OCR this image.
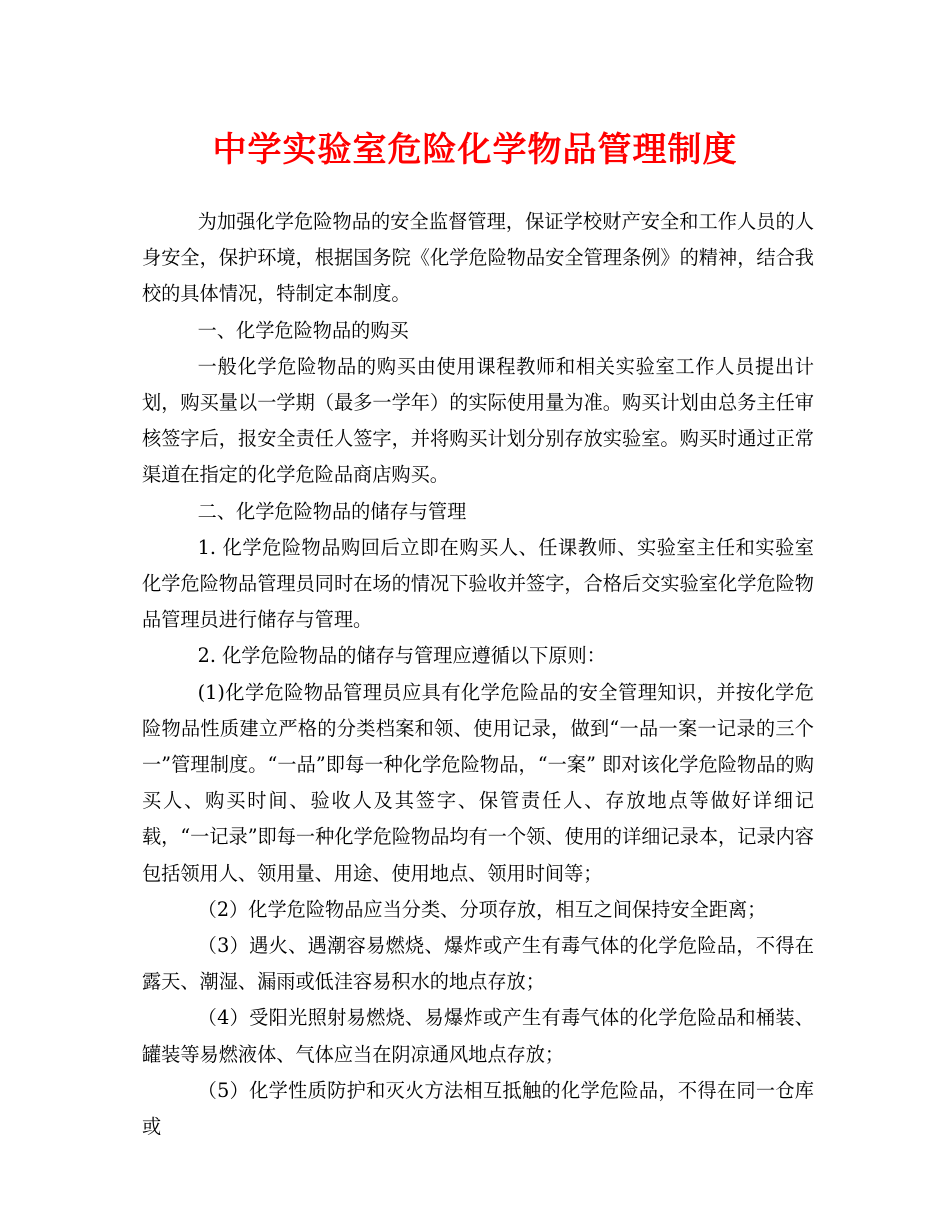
中学实验室危险化学物品管理制度

为加强化学危险物品的安全监督管理，保证学校财产安全和工作人员的人身安全，保护环境，根据国务院《化学危险物品安全管理条例》的精神，结合我校的具体情况，特制定本制度。

一、化学危险物品的购买

一般化学危险物品的购买由使用课程教师和相关实验室工作人员提出计划，购买量以一学期（最多一学年）的实际使用量为准。购买计划由总务主任审核签字后，报安全责任人签字，并将购买计划分别存放实验室。购买时通过正常渠道在指定的化学危险品商店购买。

二、化学危险物品的储存与管理

1. 化学危险物品购回后立即在购买人、任课教师、实验室主任和实验室化学危险物品管理员同时在场的情况下验收并签字，合格后交实验室化学危险物品管理员进行储存与管理。

2. 化学危险物品的储存与管理应遵循以下原则：

(1)化学危险物品管理员应具有化学危险品的安全管理知识，并按化学危险物品性质建立严格的分类档案和领、使用记录，做到“一品一案一记录的三个一”管理制度。“一品”即每一种化学危险物品，“一案” 即对该化学危险物品的购买人、购买时间、验收人及其签字、保管责任人、存放地点等做好详细记载，“一记录”即每一种化学危险物品均有一个领、使用的详细记录本，记录内容包括领用人、领用量、用途、使用地点、领用时间等；

（2）化学危险物品应当分类、分项存放，相互之间保持安全距离；

（3）遇火、遇潮容易燃烧、爆炸或产生有毒气体的化学危险品，不得在露天、潮湿、漏雨或低洼容易积水的地点存放；

（4）受阳光照射易燃烧、易爆炸或产生有毒气体的化学危险品和桶装、罐装等易燃液体、气体应当在阴凉通风地点存放；

（5）化学性质防护和灭火方法相互抵触的化学危险品，不得在同一仓库或
